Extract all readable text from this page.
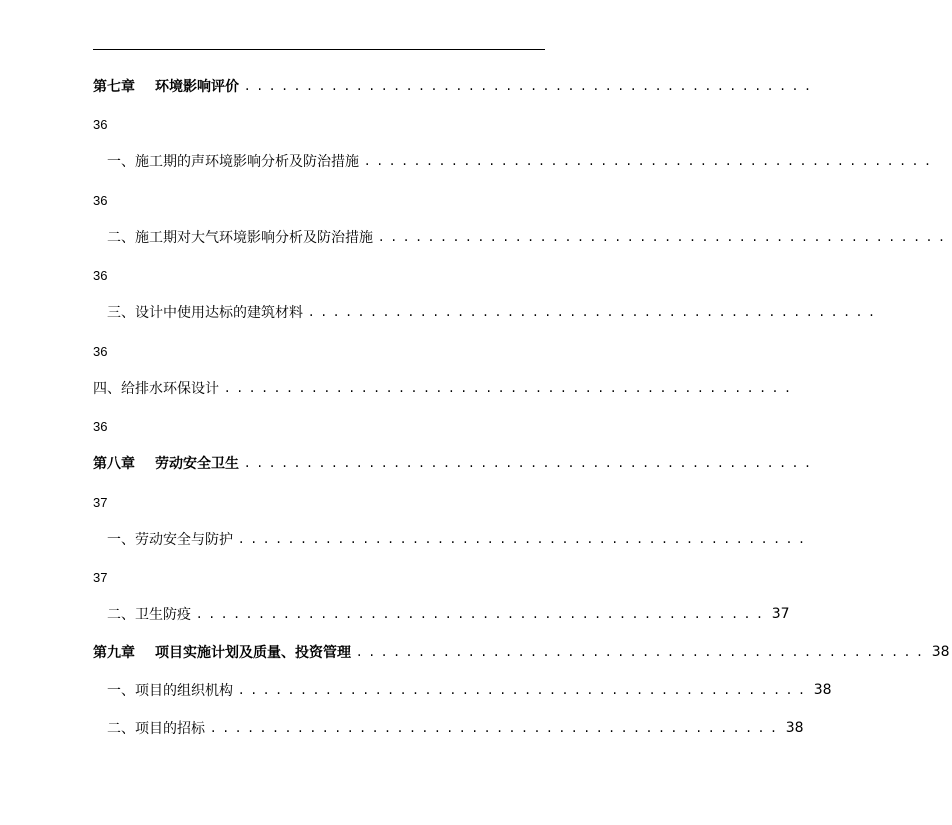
第七章 环境影响评价 ..............................................
36
一、施工期的声环境影响分析及防治措施 ..............................................
36
二、施工期对大气环境影响分析及防治措施 ..............................................
36
三、设计中使用达标的建筑材料 ..............................................
36
四、给排水环保设计 ..............................................
36
第八章 劳动安全卫生 ..............................................
37
一、劳动安全与防护 ..............................................
37
二、卫生防疫 .............................................. 37
第九章 项目实施计划及质量、投资管理 .............................................. 38
一、项目的组织机构 .............................................. 38
二、项目的招标 .............................................. 38
